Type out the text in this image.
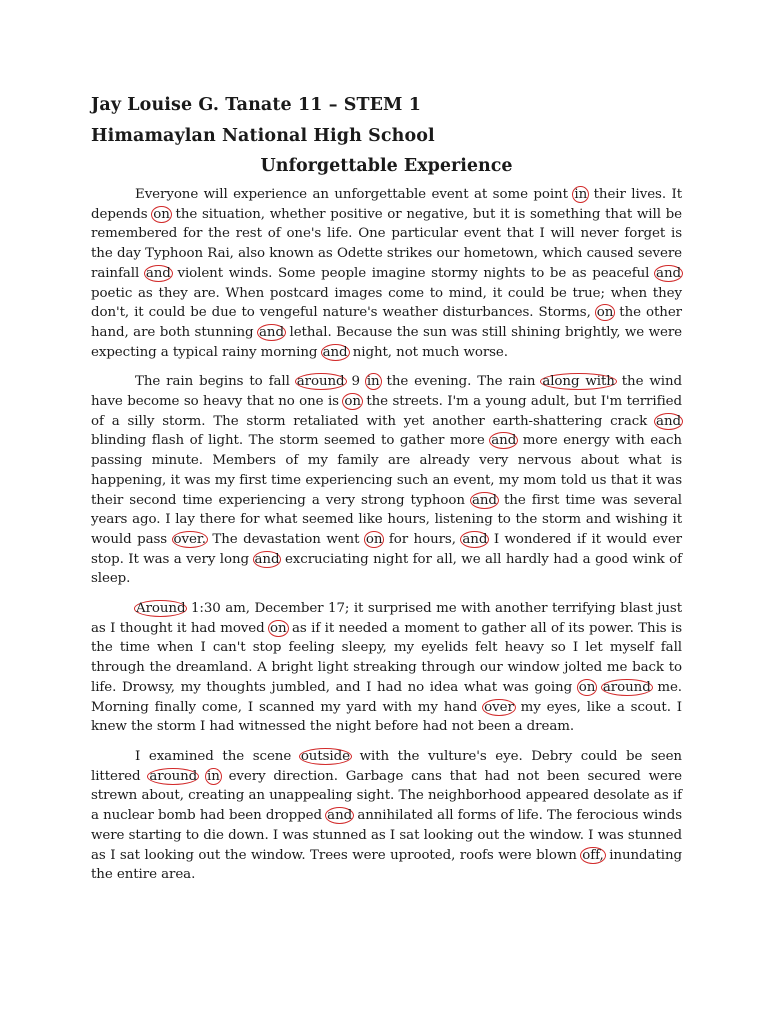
Jay Louise G. Tanate 11 – STEM 1

Himamaylan National High School

Unforgettable Experience

Everyone will experience an unforgettable event at some point in their lives. It depends on the situation, whether positive or negative, but it is something that will be remembered for the rest of one's life. One particular event that I will never forget is the day Typhoon Rai, also known as Odette strikes our hometown, which caused severe rainfall and violent winds. Some people imagine stormy nights to be as peaceful and poetic as they are. When postcard images come to mind, it could be true; when they don't, it could be due to vengeful nature's weather disturbances. Storms, on the other hand, are both stunning and lethal. Because the sun was still shining brightly, we were expecting a typical rainy morning and night, not much worse.

The rain begins to fall around 9 in the evening. The rain along with the wind have become so heavy that no one is on the streets. I'm a young adult, but I'm terrified of a silly storm. The storm retaliated with yet another earth-shattering crack and blinding flash of light. The storm seemed to gather more and more energy with each passing minute. Members of my family are already very nervous about what is happening, it was my first time experiencing such an event, my mom told us that it was their second time experiencing a very strong typhoon and the first time was several years ago. I lay there for what seemed like hours, listening to the storm and wishing it would pass over. The devastation went on for hours, and I wondered if it would ever stop. It was a very long and excruciating night for all, we all hardly had a good wink of sleep.

Around 1:30 am, December 17; it surprised me with another terrifying blast just as I thought it had moved on as if it needed a moment to gather all of its power. This is the time when I can't stop feeling sleepy, my eyelids felt heavy so I let myself fall through the dreamland. A bright light streaking through our window jolted me back to life. Drowsy, my thoughts jumbled, and I had no idea what was going on around me. Morning finally come, I scanned my yard with my hand over my eyes, like a scout. I knew the storm I had witnessed the night before had not been a dream.

I examined the scene outside with the vulture's eye. Debry could be seen littered around in every direction. Garbage cans that had not been secured were strewn about, creating an unappealing sight. The neighborhood appeared desolate as if a nuclear bomb had been dropped and annihilated all forms of life. The ferocious winds were starting to die down. I was stunned as I sat looking out the window. I was stunned as I sat looking out the window. Trees were uprooted, roofs were blown off, inundating the entire area.
